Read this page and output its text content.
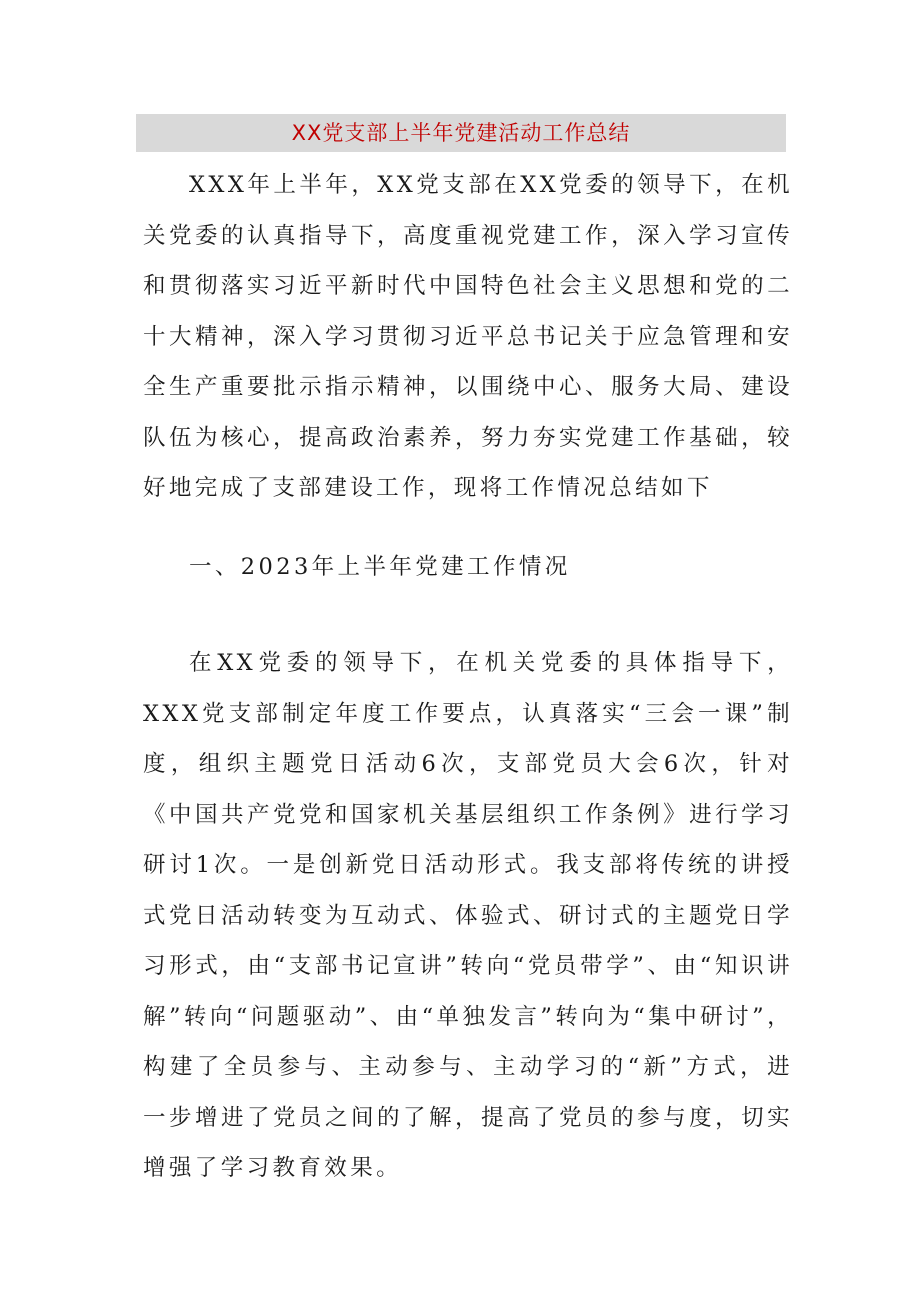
XX党支部上半年党建活动工作总结

XXX年上半年，XX党支部在XX党委的领导下，在机关党委的认真指导下，高度重视党建工作，深入学习宣传和贯彻落实习近平新时代中国特色社会主义思想和党的二十大精神，深入学习贯彻习近平总书记关于应急管理和安全生产重要批示指示精神，以围绕中心、服务大局、建设队伍为核心，提高政治素养，努力夯实党建工作基础，较好地完成了支部建设工作，现将工作情况总结如下

一、2023年上半年党建工作情况

在XX党委的领导下，在机关党委的具体指导下，XXX党支部制定年度工作要点，认真落实“三会一课”制度，组织主题党日活动6次，支部党员大会6次，针对《中国共产党党和国家机关基层组织工作条例》进行学习研讨1次。一是创新党日活动形式。我支部将传统的讲授式党日活动转变为互动式、体验式、研讨式的主题党日学习形式，由“支部书记宣讲”转向“党员带学”、由“知识讲解”转向“问题驱动”、由“单独发言”转向为“集中研讨”，构建了全员参与、主动参与、主动学习的“新”方式，进一步增进了党员之间的了解，提高了党员的参与度，切实增强了学习教育效果。
